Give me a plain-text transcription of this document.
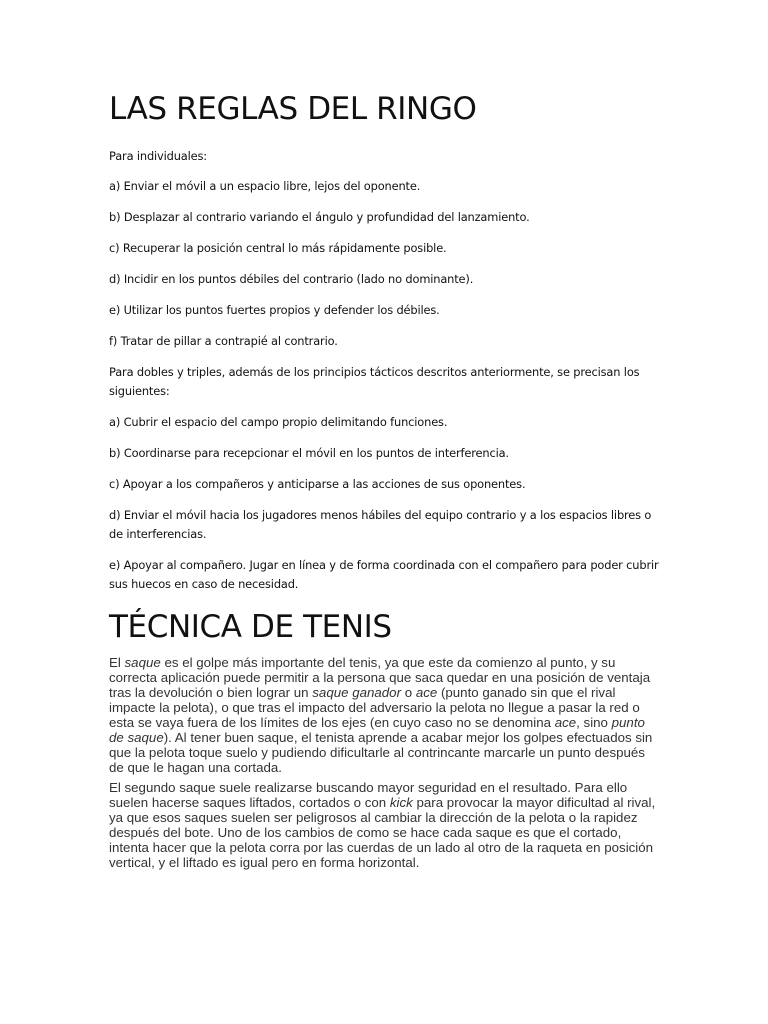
LAS REGLAS DEL RINGO

Para individuales:

a) Enviar el móvil a un espacio libre, lejos del oponente.

b) Desplazar al contrario variando el ángulo y profundidad del lanzamiento.

c) Recuperar la posición central lo más rápidamente posible.

d) Incidir en los puntos débiles del contrario (lado no dominante).

e) Utilizar los puntos fuertes propios y defender los débiles.

f) Tratar de pillar a contrapié al contrario.

Para dobles y triples, además de los principios tácticos descritos anteriormente, se precisan los siguientes:

a) Cubrir el espacio del campo propio delimitando funciones.

b) Coordinarse para recepcionar el móvil en los puntos de interferencia.

c) Apoyar a los compañeros y anticiparse a las acciones de sus oponentes.

d) Enviar el móvil hacia los jugadores menos hábiles del equipo contrario y a los espacios libres o de interferencias.

e) Apoyar al compañero. Jugar en línea y de forma coordinada con el compañero para poder cubrir sus huecos en caso de necesidad.

TÉCNICA DE TENIS

El saque es el golpe más importante del tenis, ya que este da comienzo al punto, y su correcta aplicación puede permitir a la persona que saca quedar en una posición de ventaja tras la devolución o bien lograr un saque ganador o ace (punto ganado sin que el rival impacte la pelota), o que tras el impacto del adversario la pelota no llegue a pasar la red o esta se vaya fuera de los límites de los ejes (en cuyo caso no se denomina ace, sino punto de saque). Al tener buen saque, el tenista aprende a acabar mejor los golpes efectuados sin que la pelota toque suelo y pudiendo dificultarle al contrincante marcarle un punto después de que le hagan una cortada.

El segundo saque suele realizarse buscando mayor seguridad en el resultado. Para ello suelen hacerse saques liftados, cortados o con kick para provocar la mayor dificultad al rival, ya que esos saques suelen ser peligrosos al cambiar la dirección de la pelota o la rapidez después del bote. Uno de los cambios de como se hace cada saque es que el cortado, intenta hacer que la pelota corra por las cuerdas de un lado al otro de la raqueta en posición vertical, y el liftado es igual pero en forma horizontal.
